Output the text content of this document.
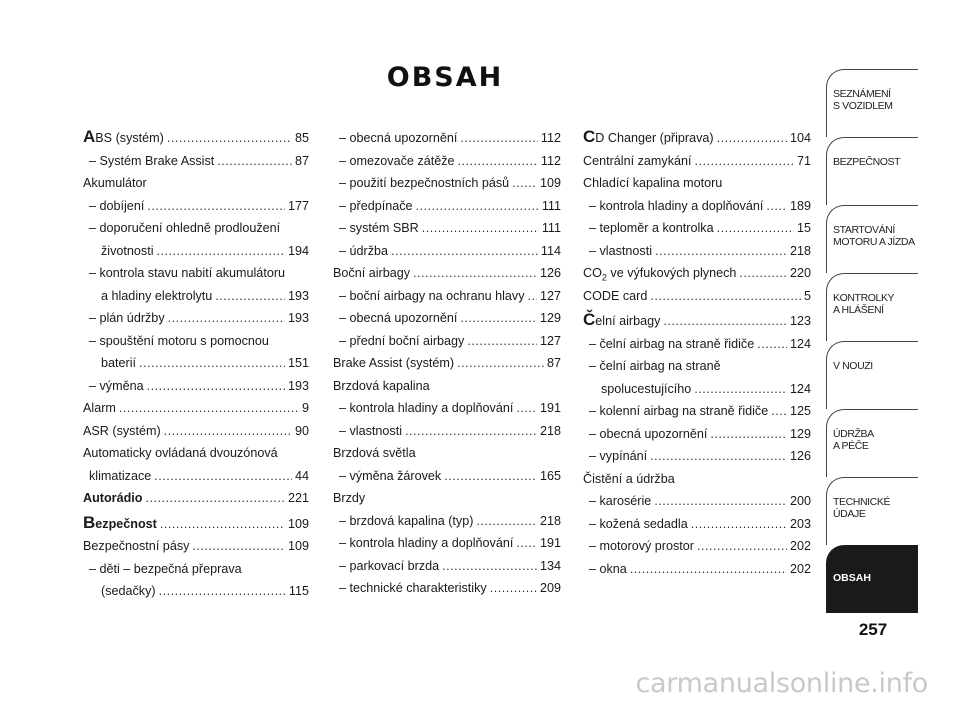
OBSAH
ABS (systém) .....	85
– Systém Brake Assist .....	87
Akumulátor
– dobíjení .....	177
– doporučení ohledně prodloužení
životnosti .....	194
– kontrola stavu nabití akumulátoru
a hladiny elektrolytu .....	193
– plán údržby .....	193
– spouštění motoru s pomocnou
baterií .....	151
– výměna .....	193
Alarm .....	9
ASR (systém) .....	90
Automaticky ovládaná dvouzónová
klimatizace .....	44
Autorádio .....	221
Bezpečnost .....	109
Bezpečnostní pásy .....	109
– děti – bezpečná přeprava
(sedačky) .....	115
– obecná upozornění .....	112
– omezovače zátěže .....	112
– použití bezpečnostních pásů ..... 109
– předpínače .....	111
– systém SBR .....	111
– údržba .....	114
Boční airbagy .....	126
– boční airbagy na ochranu hlavy ..... 127
– obecná upozornění .....	129
– přední boční airbagy .....	127
Brake Assist (systém) .....	87
Brzdová kapalina
– kontrola hladiny a doplňování ..... 191
– vlastnosti .....	218
Brzdová světla
– výměna žárovek .....	165
Brzdy
– brzdová kapalina (typ) .....	218
– kontrola hladiny a doplňování ..... 191
– parkovací brzda .....	134
– technické charakteristiky .....	209
CD Changer (připrava) .....	104
Centrální zamykání .....	71
Chladící kapalina motoru
– kontrola hladiny a doplňování ..... 189
– teploměr a kontrolka .....	15
– vlastnosti .....	218
$CO_2$ ve výfukových plynech .....	220
CODE card .....	5
Čelní airbagy .....	123
– čelní airbag na straně řidiče .....	124
– čelní airbag na straně
spolucestujícího .....	124
– kolenní airbag na straně řidiče ..... 125
– obecná upozornění .....	129
– vypínání .....	126
Čistění a údržba
– karosérie .....	200
– kožená sedadla .....	203
– motorový prostor .....	202
– okna .....	202
SEZNÁMENÍ
S VOZIDLEM
BEZPEČNOST
STARTOVÁNÍ
MOTORU A JÍZDA
KONTROLKY
A HLÁŠENÍ
V NOUZI
ÚDRŽBA
A PÉČE
TECHNICKÉ
ÚDAJE
OBSAH
257
carmanualsonline.info
